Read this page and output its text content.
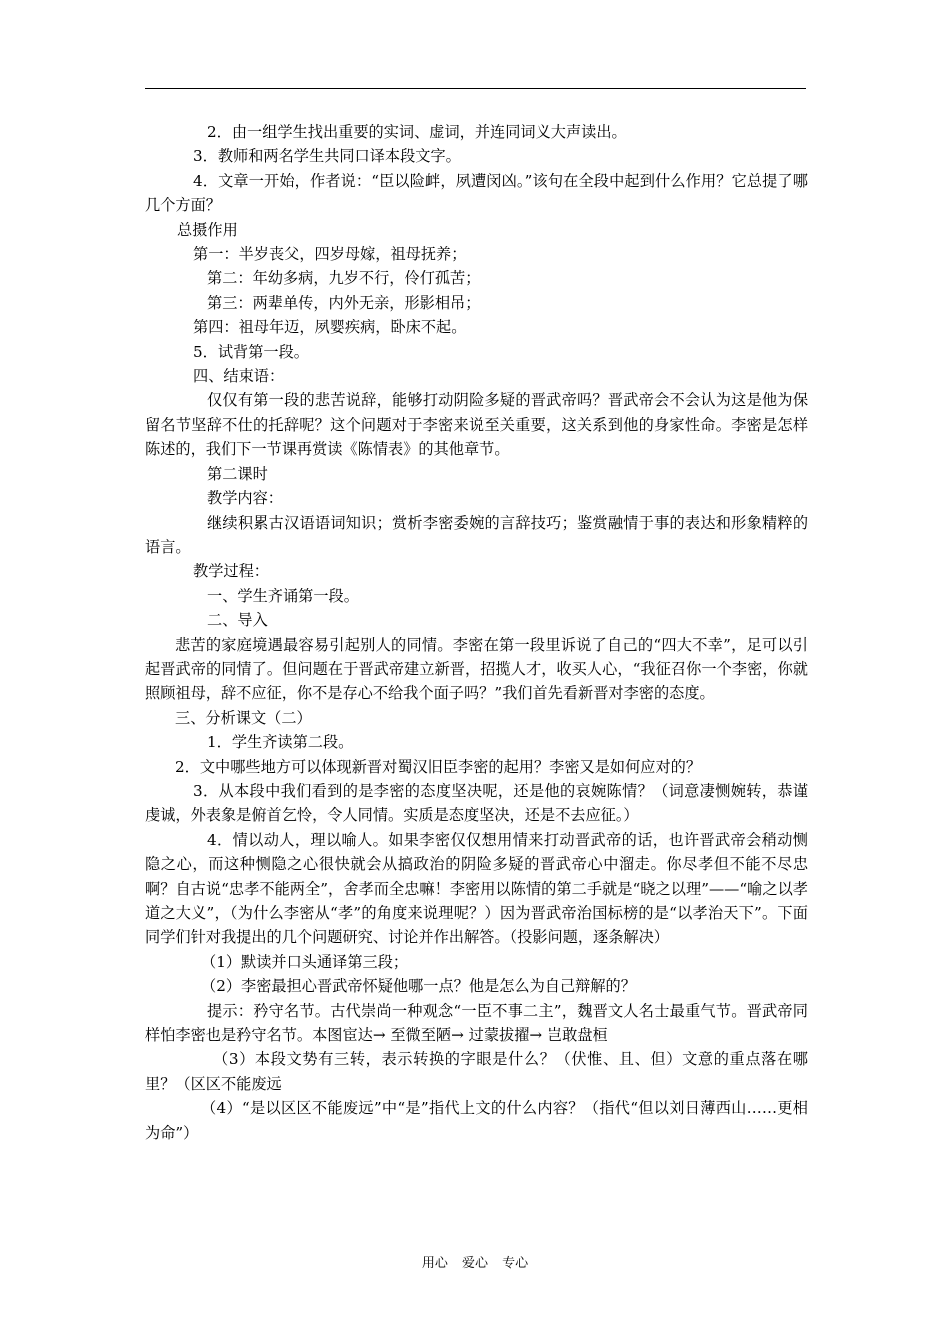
2．由一组学生找出重要的实词、虚词，并连同词义大声读出。

3．教师和两名学生共同口译本段文字。

4．文章一开始，作者说：“臣以险衅，夙遭闵凶。”该句在全段中起到什么作用？它总提了哪几个方面？

总摄作用

第一：半岁丧父，四岁母嫁，祖母抚养；

第二：年幼多病，九岁不行，伶仃孤苦；

第三：两辈单传，内外无亲，形影相吊；

第四：祖母年迈，夙婴疾病，卧床不起。

5．试背第一段。

四、结束语：

仅仅有第一段的悲苦说辞，能够打动阴险多疑的晋武帝吗？晋武帝会不会认为这是他为保留名节坚辞不仕的托辞呢？这个问题对于李密来说至关重要，这关系到他的身家性命。李密是怎样陈述的，我们下一节课再赏读《陈情表》的其他章节。

第二课时

教学内容：

继续积累古汉语语词知识；赏析李密委婉的言辞技巧；鉴赏融情于事的表达和形象精粹的语言。

教学过程：

一、学生齐诵第一段。

二、导入

悲苦的家庭境遇最容易引起别人的同情。李密在第一段里诉说了自己的“四大不幸”，足可以引起晋武帝的同情了。但问题在于晋武帝建立新晋，招揽人才，收买人心，“我征召你一个李密，你就照顾祖母，辞不应征，你不是存心不给我个面子吗？”我们首先看新晋对李密的态度。

三、分析课文（二）

1．学生齐读第二段。

2．文中哪些地方可以体现新晋对蜀汉旧臣李密的起用？李密又是如何应对的？

3．从本段中我们看到的是李密的态度坚决呢，还是他的哀婉陈情？（词意凄恻婉转，恭谨虔诚，外表象是俯首乞怜，令人同情。实质是态度坚决，还是不去应征。）

4．情以动人，理以喻人。如果李密仅仅想用情来打动晋武帝的话，也许晋武帝会稍动恻隐之心，而这种恻隐之心很快就会从搞政治的阴险多疑的晋武帝心中溜走。你尽孝但不能不尽忠啊？自古说“忠孝不能两全”，舍孝而全忠嘛！李密用以陈情的第二手就是“晓之以理”——“喻之以孝道之大义”，（为什么李密从“孝”的角度来说理呢？）因为晋武帝治国标榜的是“以孝治天下”。下面同学们针对我提出的几个问题研究、讨论并作出解答。（投影问题，逐条解决）

（1）默读并口头通译第三段；

（2）李密最担心晋武帝怀疑他哪一点？他是怎么为自己辩解的？

提示：矜守名节。古代崇尚一种观念“一臣不事二主”，魏晋文人名士最重气节。晋武帝同样怕李密也是矜守名节。本图宦达→ 至微至陋→ 过蒙拔擢→ 岂敢盘桓

（3）本段文势有三转，表示转换的字眼是什么？（伏惟、且、但）文意的重点落在哪里？（区区不能废远

（4）“是以区区不能废远”中“是”指代上文的什么内容？（指代“但以刘日薄西山……更相为命”）

用心 爱心 专心
